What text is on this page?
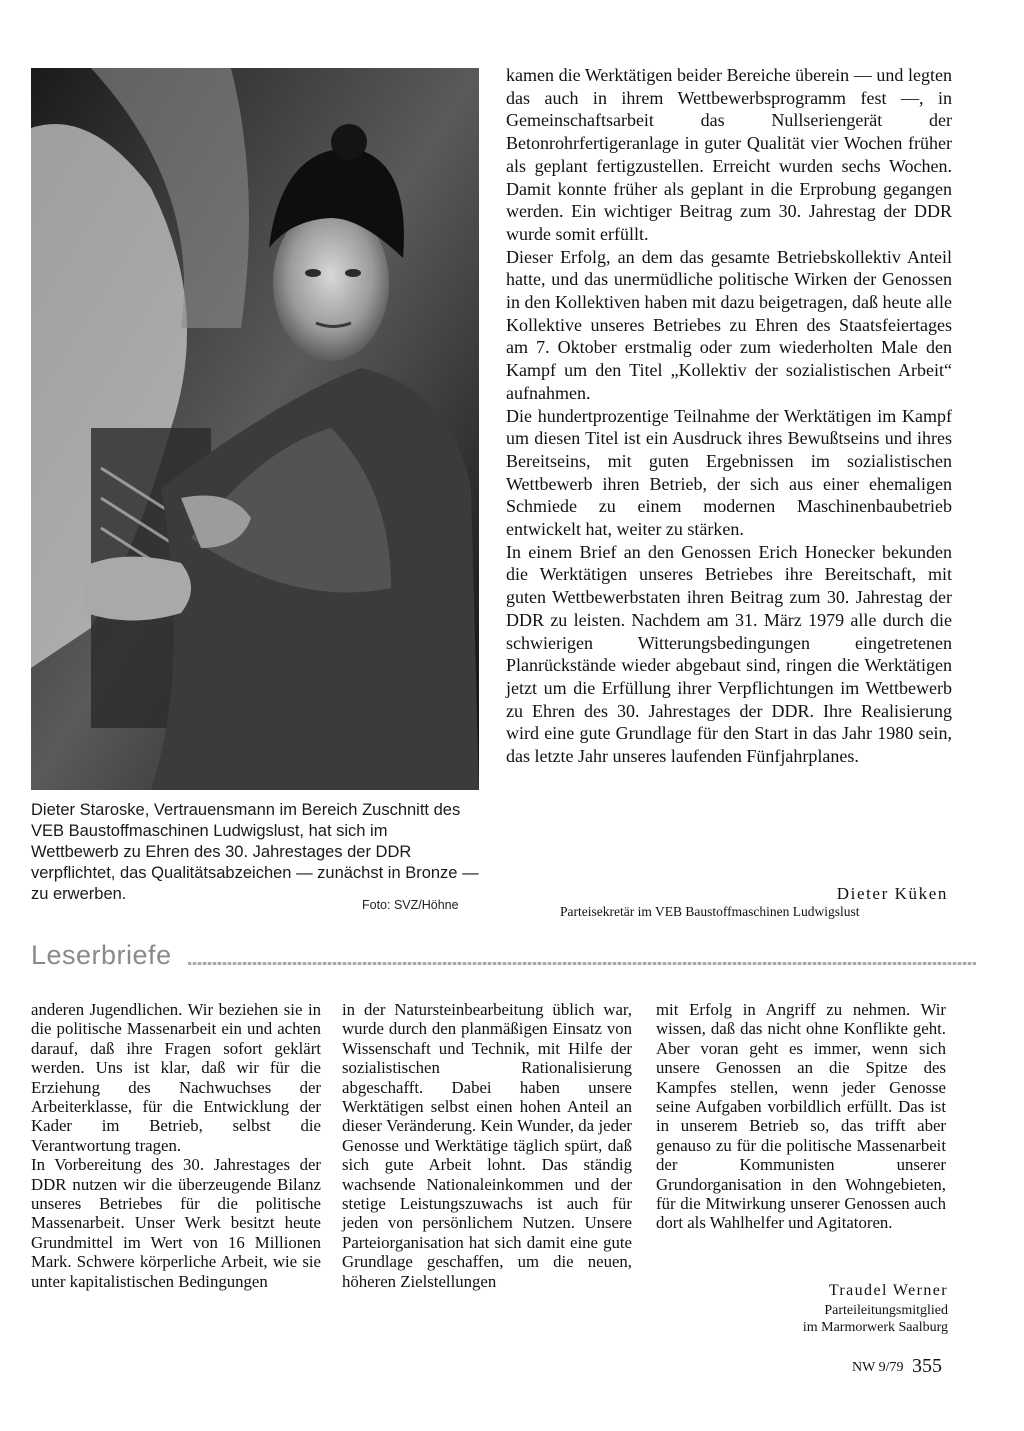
Dieter Staroske, Vertrauensmann im Bereich Zuschnitt des VEB Baustoffmaschinen Ludwigslust, hat sich im Wettbewerb zu Ehren des 30. Jahrestages der DDR verpflichtet, das Qualitätsabzeichen — zunächst in Bronze — zu erwerben.
Foto: SVZ/Höhne

kamen die Werktätigen beider Bereiche überein — und legten das auch in ihrem Wettbewerbsprogramm fest —, in Gemeinschaftsarbeit das Nullseriengerät der Betonrohrfertigeranlage in guter Qualität vier Wochen früher als geplant fertigzustellen. Erreicht wurden sechs Wochen. Damit konnte früher als geplant in die Erprobung gegangen werden. Ein wichtiger Beitrag zum 30. Jahrestag der DDR wurde somit erfüllt.

Dieser Erfolg, an dem das gesamte Betriebskollektiv Anteil hatte, und das unermüdliche politische Wirken der Genossen in den Kollektiven haben mit dazu beigetragen, daß heute alle Kollektive unseres Betriebes zu Ehren des Staatsfeiertages am 7. Oktober erstmalig oder zum wiederholten Male den Kampf um den Titel „Kollektiv der sozialistischen Arbeit“ aufnahmen.

Die hundertprozentige Teilnahme der Werktätigen im Kampf um diesen Titel ist ein Ausdruck ihres Bewußtseins und ihres Bereitseins, mit guten Ergebnissen im sozialistischen Wettbewerb ihren Betrieb, der sich aus einer ehemaligen Schmiede zu einem modernen Maschinenbaubetrieb entwickelt hat, weiter zu stärken.

In einem Brief an den Genossen Erich Honecker bekunden die Werktätigen unseres Betriebes ihre Bereitschaft, mit guten Wettbewerbstaten ihren Beitrag zum 30. Jahrestag der DDR zu leisten. Nachdem am 31. März 1979 alle durch die schwierigen Witterungsbedingungen eingetretenen Planrückstände wieder abgebaut sind, ringen die Werktätigen jetzt um die Erfüllung ihrer Verpflichtungen im Wettbewerb zu Ehren des 30. Jahrestages der DDR. Ihre Realisierung wird eine gute Grundlage für den Start in das Jahr 1980 sein, das letzte Jahr unseres laufenden Fünfjahrplanes.

Dieter Küken
Parteisekretär im VEB Baustoffmaschinen Ludwigslust
Leserbriefe

anderen Jugendlichen. Wir beziehen sie in die politische Massenarbeit ein und achten darauf, daß ihre Fragen sofort geklärt werden. Uns ist klar, daß wir für die Erziehung des Nachwuchses der Arbeiterklasse, für die Entwicklung der Kader im Betrieb, selbst die Verantwortung tragen.

In Vorbereitung des 30. Jahrestages der DDR nutzen wir die überzeugende Bilanz unseres Betriebes für die politische Massenarbeit. Unser Werk besitzt heute Grundmittel im Wert von 16 Millionen Mark. Schwere körperliche Arbeit, wie sie unter kapitalistischen Bedingungen

in der Natursteinbearbeitung üblich war, wurde durch den planmäßigen Einsatz von Wissenschaft und Technik, mit Hilfe der sozialistischen Rationalisierung abgeschafft. Dabei haben unsere Werktätigen selbst einen hohen Anteil an dieser Veränderung. Kein Wunder, da jeder Genosse und Werktätige täglich spürt, daß sich gute Arbeit lohnt. Das ständig wachsende Nationaleinkommen und der stetige Leistungszuwachs ist auch für jeden von persönlichem Nutzen. Unsere Parteiorganisation hat sich damit eine gute Grundlage geschaffen, um die neuen, höheren Zielstellungen

mit Erfolg in Angriff zu nehmen. Wir wissen, daß das nicht ohne Konflikte geht. Aber voran geht es immer, wenn sich unsere Genossen an die Spitze des Kampfes stellen, wenn jeder Genosse seine Aufgaben vorbildlich erfüllt. Das ist in unserem Betrieb so, das trifft aber genauso zu für die politische Massenarbeit der Kommunisten unserer Grundorganisation in den Wohngebieten, für die Mitwirkung unserer Genossen auch dort als Wahlhelfer und Agitatoren.

Traudel Werner
Parteileitungsmitglied
im Marmorwerk Saalburg
NW 9/79 355
